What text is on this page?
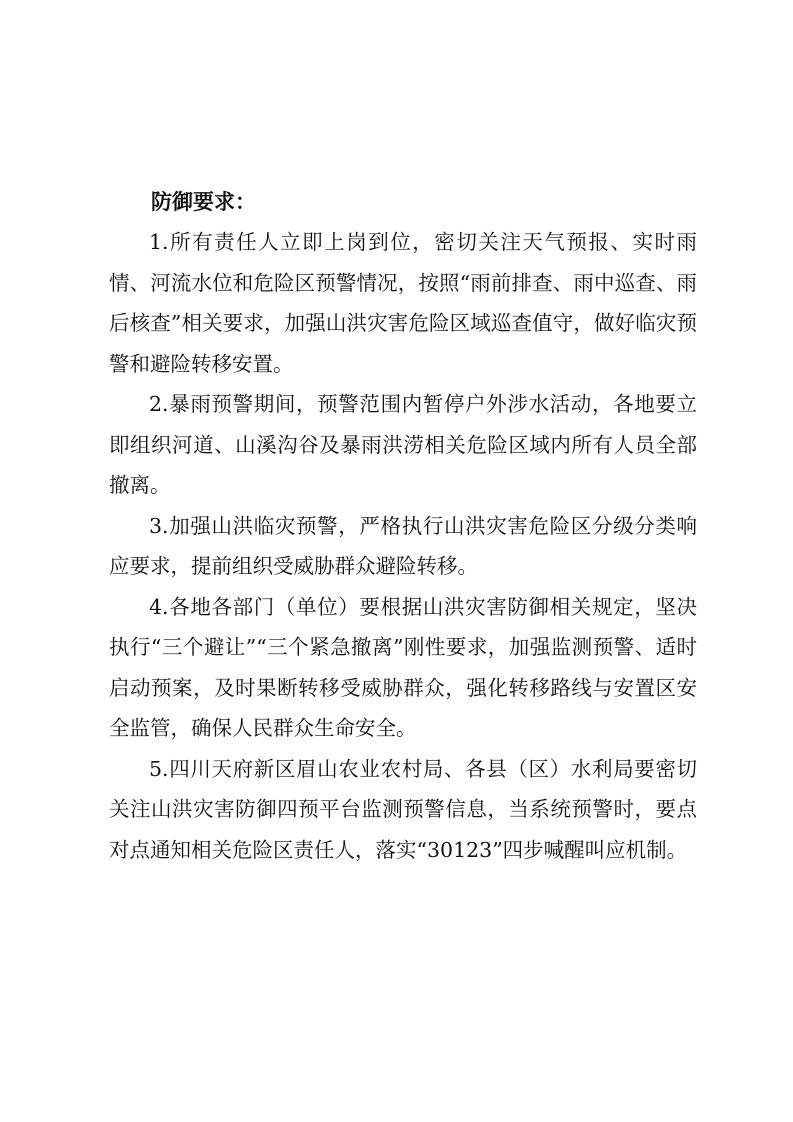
防御要求：

1.所有责任人立即上岗到位，密切关注天气预报、实时雨情、河流水位和危险区预警情况，按照“雨前排查、雨中巡查、雨后核查”相关要求，加强山洪灾害危险区域巡查值守，做好临灾预警和避险转移安置。

2.暴雨预警期间，预警范围内暂停户外涉水活动，各地要立即组织河道、山溪沟谷及暴雨洪涝相关危险区域内所有人员全部撤离。

3.加强山洪临灾预警，严格执行山洪灾害危险区分级分类响应要求，提前组织受威胁群众避险转移。

4.各地各部门（单位）要根据山洪灾害防御相关规定，坚决执行“三个避让”“三个紧急撤离”刚性要求，加强监测预警、适时启动预案，及时果断转移受威胁群众，强化转移路线与安置区安全监管，确保人民群众生命安全。

5.四川天府新区眉山农业农村局、各县（区）水利局要密切关注山洪灾害防御四预平台监测预警信息，当系统预警时，要点对点通知相关危险区责任人，落实“30123”四步喊醒叫应机制。
